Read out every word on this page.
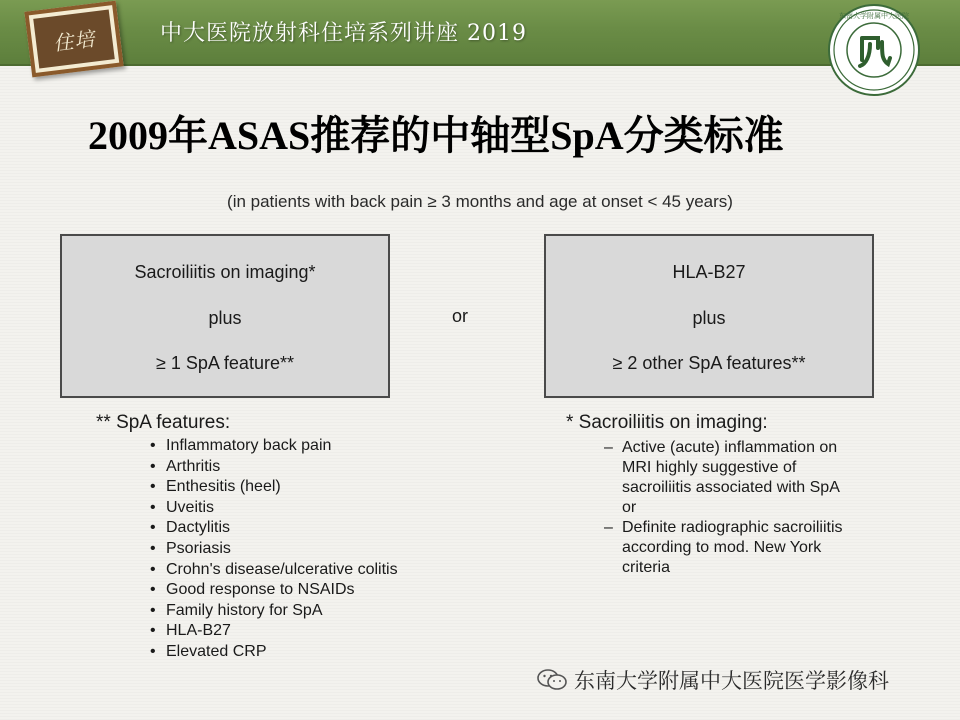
住培	中大医院放射科住培系列讲座 2019
东南大学附属中大医院
2009年ASAS推荐的中轴型SpA分类标准
(in patients with back pain ≥ 3 months and age at onset < 45 years)
Sacroiliitis on imaging*
plus
≥ 1 SpA feature**
or
HLA-B27
plus
≥ 2 other SpA features**
** SpA features:
• Inflammatory back pain
• Arthritis
• Enthesitis (heel)
• Uveitis
• Dactylitis
• Psoriasis
• Crohn's disease/ulcerative colitis
• Good response to NSAIDs
• Family history for SpA
• HLA-B27
• Elevated CRP
* Sacroiliitis on imaging:
– Active (acute) inflammation on
MRI highly suggestive of
sacroiliitis associated with SpA
or
– Definite radiographic sacroiliitis
according to mod. New York
criteria
东南大学附属中大医院医学影像科
